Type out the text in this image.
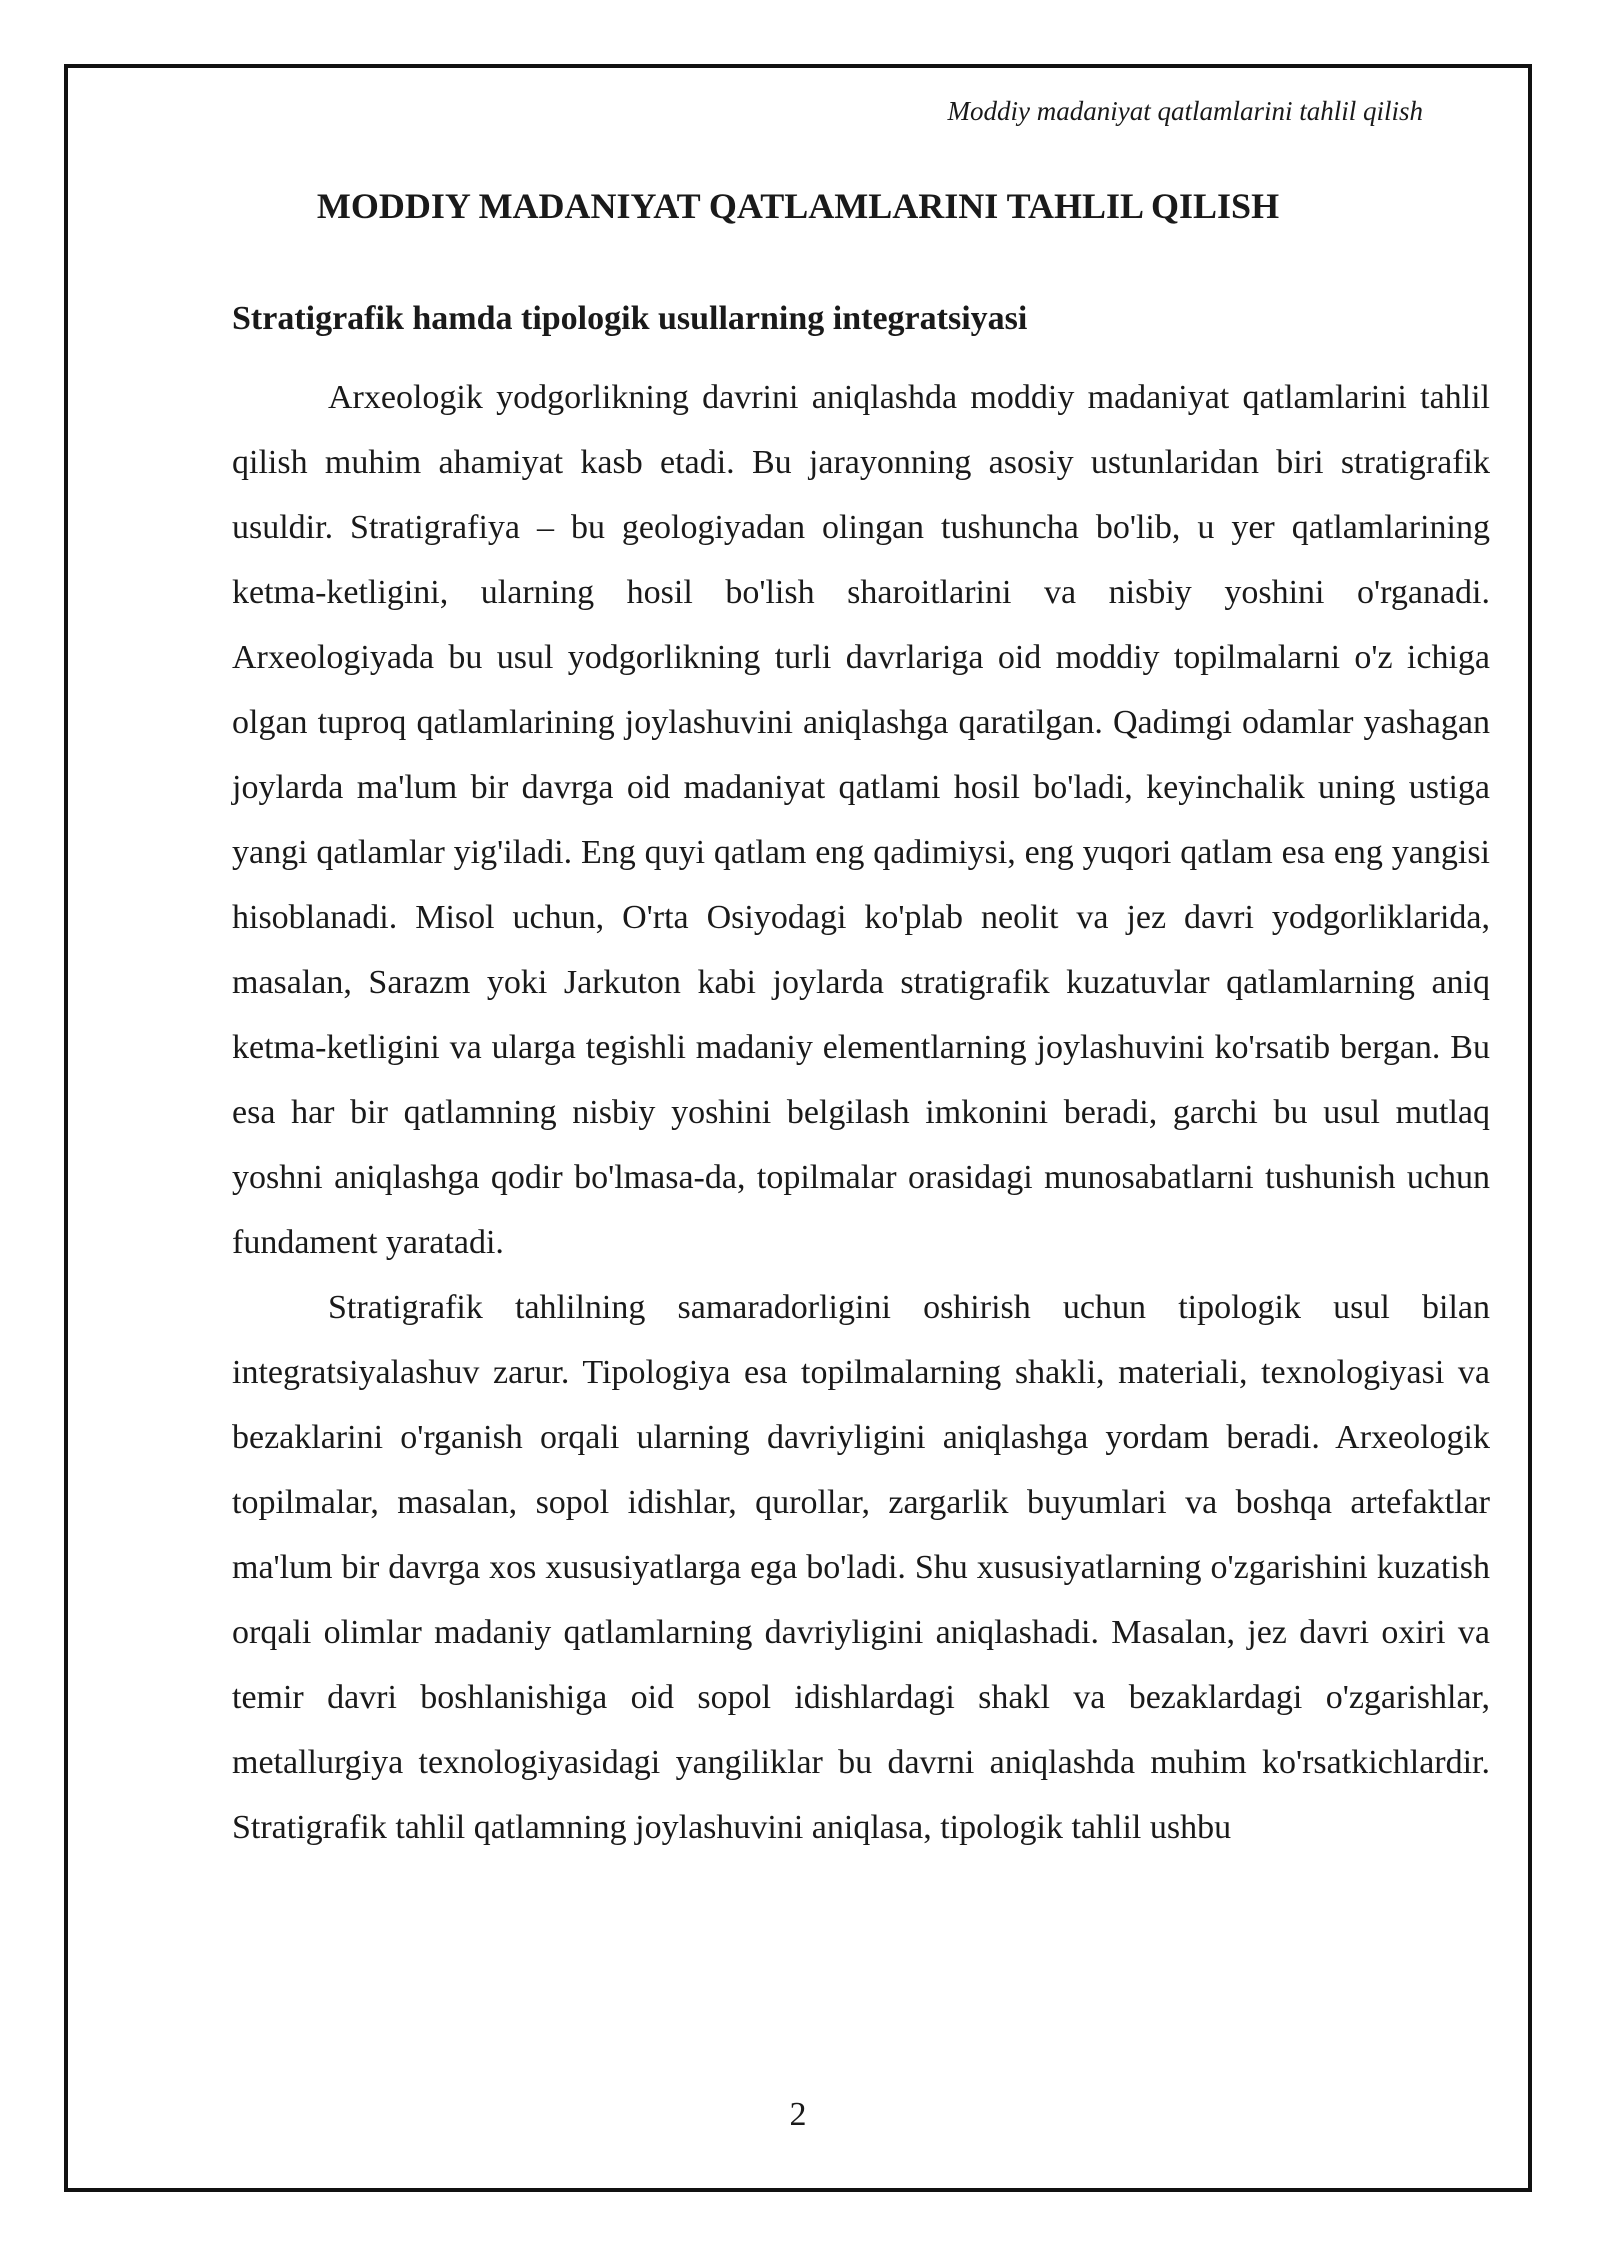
Moddiy madaniyat qatlamlarini tahlil qilish
MODDIY MADANIYAT QATLAMLARINI TAHLIL QILISH
Stratigrafik hamda tipologik usullarning integratsiyasi

Arxeologik yodgorlikning davrini aniqlashda moddiy madaniyat qatlamlarini tahlil qilish muhim ahamiyat kasb etadi. Bu jarayonning asosiy ustunlaridan biri stratigrafik usuldir. Stratigrafiya – bu geologiyadan olingan tushuncha bo'lib, u yer qatlamlarining ketma-ketligini, ularning hosil bo'lish sharoitlarini va nisbiy yoshini o'rganadi. Arxeologiyada bu usul yodgorlikning turli davrlariga oid moddiy topilmalarni o'z ichiga olgan tuproq qatlamlarining joylashuvini aniqlashga qaratilgan. Qadimgi odamlar yashagan joylarda ma'lum bir davrga oid madaniyat qatlami hosil bo'ladi, keyinchalik uning ustiga yangi qatlamlar yig'iladi. Eng quyi qatlam eng qadimiysi, eng yuqori qatlam esa eng yangisi hisoblanadi. Misol uchun, O'rta Osiyodagi ko'plab neolit va jez davri yodgorliklarida, masalan, Sarazm yoki Jarkuton kabi joylarda stratigrafik kuzatuvlar qatlamlarning aniq ketma-ketligini va ularga tegishli madaniy elementlarning joylashuvini ko'rsatib bergan. Bu esa har bir qatlamning nisbiy yoshini belgilash imkonini beradi, garchi bu usul mutlaq yoshni aniqlashga qodir bo'lmasa-da, topilmalar orasidagi munosabatlarni tushunish uchun fundament yaratadi.

Stratigrafik tahlilning samaradorligini oshirish uchun tipologik usul bilan integratsiyalashuv zarur. Tipologiya esa topilmalarning shakli, materiali, texnologiyasi va bezaklarini o'rganish orqali ularning davriyligini aniqlashga yordam beradi. Arxeologik topilmalar, masalan, sopol idishlar, qurollar, zargarlik buyumlari va boshqa artefaktlar ma'lum bir davrga xos xususiyatlarga ega bo'ladi. Shu xususiyatlarning o'zgarishini kuzatish orqali olimlar madaniy qatlamlarning davriyligini aniqlashadi. Masalan, jez davri oxiri va temir davri boshlanishiga oid sopol idishlardagi shakl va bezaklardagi o'zgarishlar, metallurgiya texnologiyasidagi yangiliklar bu davrni aniqlashda muhim ko'rsatkichlardir. Stratigrafik tahlil qatlamning joylashuvini aniqlasa, tipologik tahlil ushbu

2
